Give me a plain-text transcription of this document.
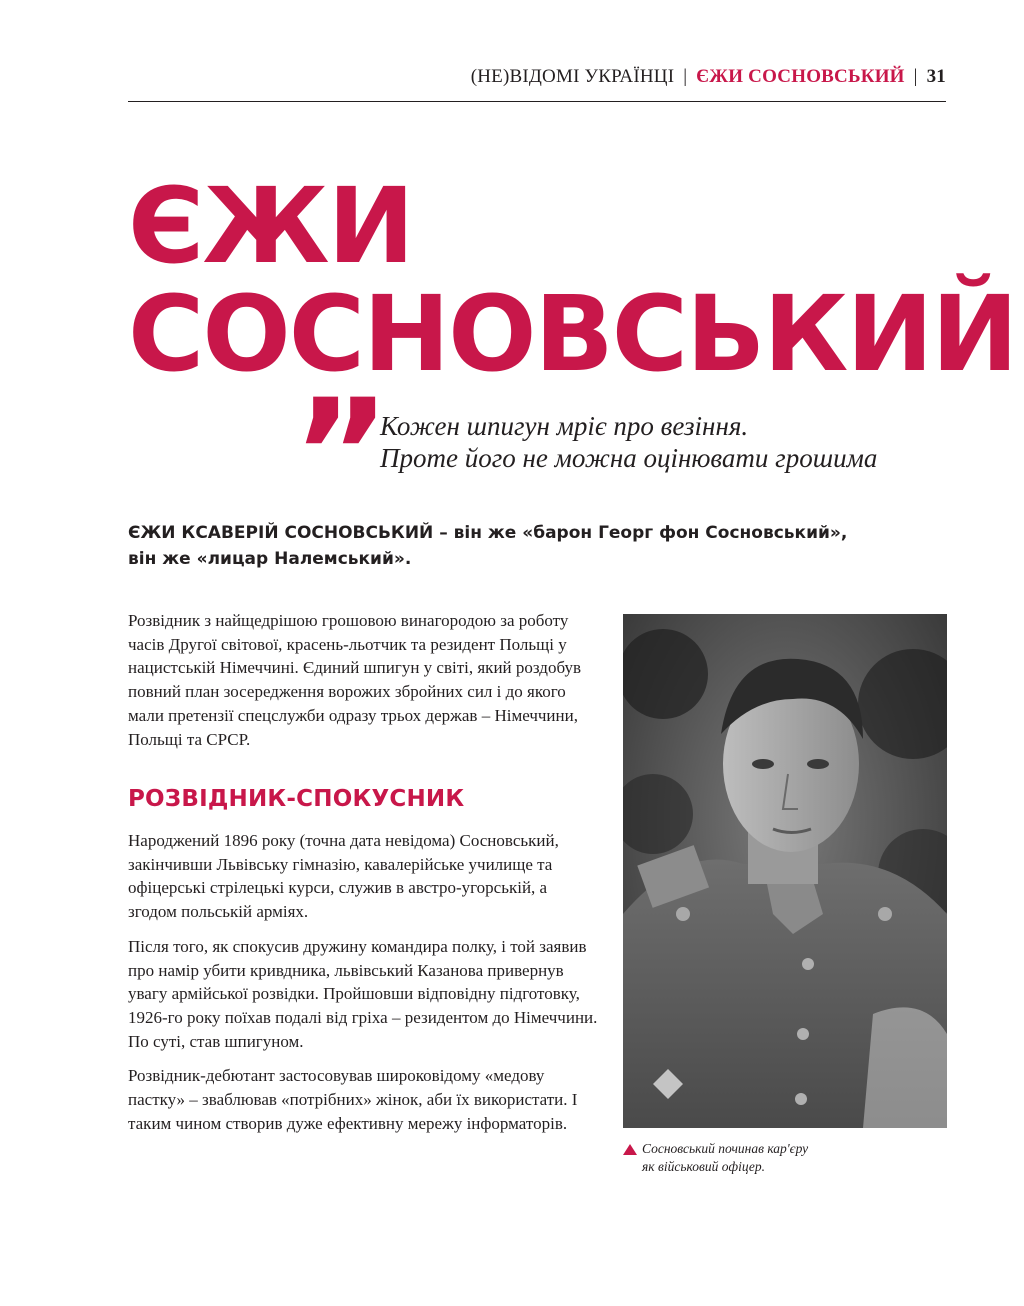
(НЕ)ВІДОМІ УКРАЇНЦІ | ЄЖИ СОСНОВСЬКИЙ | 31
ЄЖИ
СОСНОВСЬКИЙ
” Кожен шпигун мріє про везіння.
Проте його не можна оцінювати грошима
ЄЖИ КСАВЕРІЙ СОСНОВСЬКИЙ – він же «барон Георг фон Сосновський»,
він же «лицар Налемський».

Розвідник з найщедрішою грошовою винагородою за роботу часів Другої світової, красень-льотчик та резидент Польщі у нацистській Німеччині. Єдиний шпигун у світі, який роздобув повний план зосередження ворожих збройних сил і до якого мали претензії спецслужби одразу трьох держав – Німеччини, Польщі та СРСР.

РОЗВІДНИК-СПОКУСНИК

Народжений 1896 року (точна дата невідома) Сосновський, закінчивши Львівську гімназію, кавалерійське училище та офіцерські стрілецькі курси, служив в австро-угорській, а згодом польській арміях.

Після того, як спокусив дружину командира полку, і той заявив про намір убити кривдника, львівський Казанова привернув увагу армійської розвідки. Пройшовши відповідну підготовку, 1926-го року поїхав подалі від гріха – резидентом до Німеччини. По суті, став шпигуном.

Розвідник-дебютант застосовував широковідому «медову пастку» – зваблював «потрібних» жінок, аби їх використати. І таким чином створив дуже ефективну мережу інформаторів.

Сосновський починав кар'єру
як військовий офіцер.
